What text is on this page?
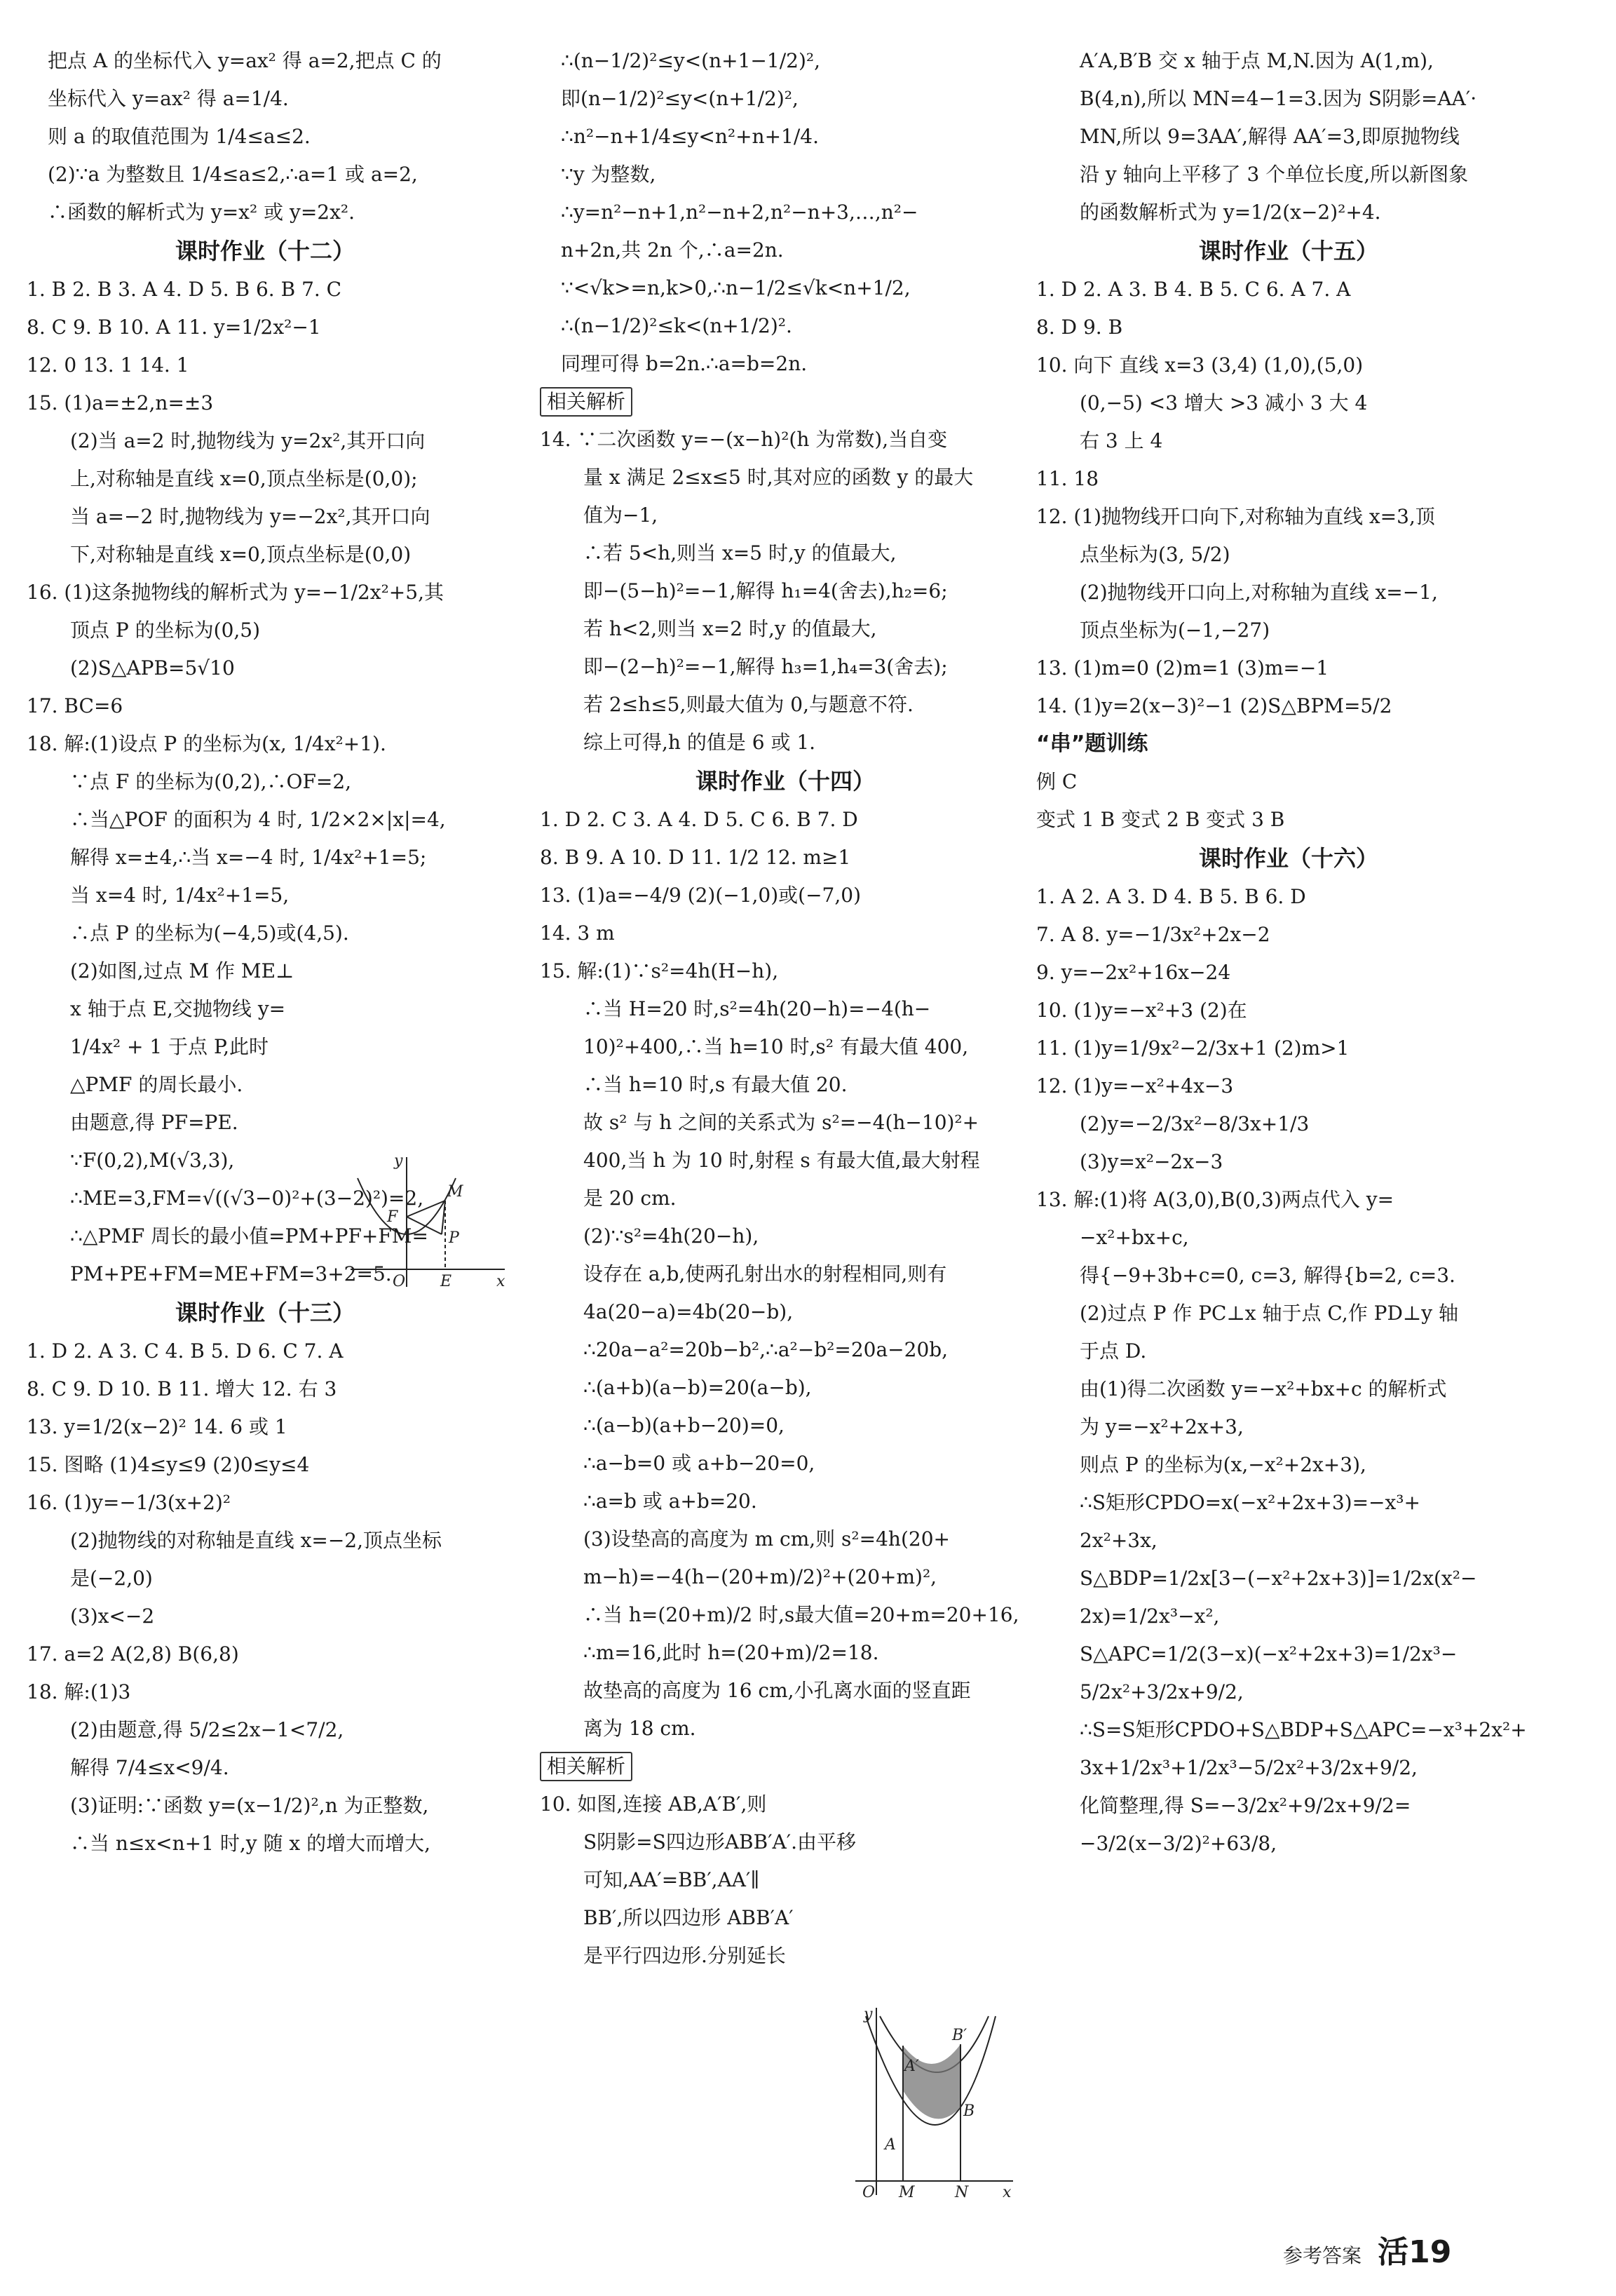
把点 A 的坐标代入 y=ax² 得 a=2,把点 C 的
坐标代入 y=ax² 得 a=1/4.
则 a 的取值范围为 1/4≤a≤2.
(2)∵a 为整数且 1/4≤a≤2,∴a=1 或 a=2,
∴函数的解析式为 y=x² 或 y=2x².
课时作业（十二）
1. B 2. B 3. A 4. D 5. B 6. B 7. C
8. C 9. B 10. A 11. y=1/2x²−1
12. 0 13. 1 14. 1
15. (1)a=±2,n=±3
(2)当 a=2 时,抛物线为 y=2x²,其开口向
上,对称轴是直线 x=0,顶点坐标是(0,0);
当 a=−2 时,抛物线为 y=−2x²,其开口向
下,对称轴是直线 x=0,顶点坐标是(0,0)
16. (1)这条抛物线的解析式为 y=−1/2x²+5,其
顶点 P 的坐标为(0,5)
(2)S△APB=5√10
17. BC=6
18. 解:(1)设点 P 的坐标为(x, 1/4x²+1).
∵点 F 的坐标为(0,2),∴OF=2,
∴当△POF 的面积为 4 时, 1/2×2×|x|=4,
解得 x=±4,∴当 x=−4 时, 1/4x²+1=5;
当 x=4 时, 1/4x²+1=5,
∴点 P 的坐标为(−4,5)或(4,5).
(2)如图,过点 M 作 ME⊥
x 轴于点 E,交抛物线 y=
1/4x² + 1 于点 P,此时
△PMF 的周长最小.
由题意,得 PF=PE.
∵F(0,2),M(√3,3),
∴ME=3,FM=√((√3−0)²+(3−2)²)=2,
∴△PMF 周长的最小值=PM+PF+FM=
PM+PE+FM=ME+FM=3+2=5.
课时作业（十三）
1. D 2. A 3. C 4. B 5. D 6. C 7. A
8. C 9. D 10. B 11. 增大 12. 右 3
13. y=1/2(x−2)² 14. 6 或 1
15. 图略 (1)4≤y≤9 (2)0≤y≤4
16. (1)y=−1/3(x+2)²
(2)抛物线的对称轴是直线 x=−2,顶点坐标
是(−2,0)
(3)x<−2
17. a=2 A(2,8) B(6,8)
18. 解:(1)3
(2)由题意,得 5/2≤2x−1<7/2,
解得 7/4≤x<9/4.
(3)证明:∵函数 y=(x−1/2)²,n 为正整数,
∴当 n≤x<n+1 时,y 随 x 的增大而增大,
y
M
F
P
O E	x
∴(n−1/2)²≤y<(n+1−1/2)²,
即(n−1/2)²≤y<(n+1/2)²,
∴n²−n+1/4≤y<n²+n+1/4.
∵y 为整数,
∴y=n²−n+1,n²−n+2,n²−n+3,…,n²−
n+2n,共 2n 个,∴a=2n.
∵<√k>=n,k>0,∴n−1/2≤√k<n+1/2,
∴(n−1/2)²≤k<(n+1/2)².
同理可得 b=2n.∴a=b=2n.
相关解析
14. ∵二次函数 y=−(x−h)²(h 为常数),当自变
量 x 满足 2≤x≤5 时,其对应的函数 y 的最大
值为−1,
∴若 5<h,则当 x=5 时,y 的值最大,
即−(5−h)²=−1,解得 h₁=4(舍去),h₂=6;
若 h<2,则当 x=2 时,y 的值最大,
即−(2−h)²=−1,解得 h₃=1,h₄=3(舍去);
若 2≤h≤5,则最大值为 0,与题意不符.
综上可得,h 的值是 6 或 1.
课时作业（十四）
1. D 2. C 3. A 4. D 5. C 6. B 7. D
8. B 9. A 10. D 11. 1/2 12. m≥1
13. (1)a=−4/9 (2)(−1,0)或(−7,0)
14. 3 m
15. 解:(1)∵s²=4h(H−h),
∴当 H=20 时,s²=4h(20−h)=−4(h−
10)²+400,∴当 h=10 时,s² 有最大值 400,
∴当 h=10 时,s 有最大值 20.
故 s² 与 h 之间的关系式为 s²=−4(h−10)²+
400,当 h 为 10 时,射程 s 有最大值,最大射程
是 20 cm.
(2)∵s²=4h(20−h),
设存在 a,b,使两孔射出水的射程相同,则有
4a(20−a)=4b(20−b),
∴20a−a²=20b−b²,∴a²−b²=20a−20b,
∴(a+b)(a−b)=20(a−b),
∴(a−b)(a+b−20)=0,
∴a−b=0 或 a+b−20=0,
∴a=b 或 a+b=20.
(3)设垫高的高度为 m cm,则 s²=4h(20+
m−h)=−4(h−(20+m)/2)²+(20+m)²,
∴当 h=(20+m)/2 时,s最大值=20+m=20+16,
∴m=16,此时 h=(20+m)/2=18.
故垫高的高度为 16 cm,小孔离水面的竖直距
离为 18 cm.
相关解析
10. 如图,连接 AB,A′B′,则
S阴影=S四边形ABB′A′.由平移
可知,AA′=BB′,AA′∥
BB′,所以四边形 ABB′A′
是平行四边形.分别延长
y
A′
B′
B
A
O M	N x
A′A,B′B 交 x 轴于点 M,N.因为 A(1,m),
B(4,n),所以 MN=4−1=3.因为 S阴影=AA′·
MN,所以 9=3AA′,解得 AA′=3,即原抛物线
沿 y 轴向上平移了 3 个单位长度,所以新图象
的函数解析式为 y=1/2(x−2)²+4.
课时作业（十五）
1. D 2. A 3. B 4. B 5. C 6. A 7. A
8. D 9. B
10. 向下 直线 x=3 (3,4) (1,0),(5,0)
(0,−5) <3 增大 >3 减小 3 大 4
右 3 上 4
11. 18
12. (1)抛物线开口向下,对称轴为直线 x=3,顶
点坐标为(3, 5/2)
(2)抛物线开口向上,对称轴为直线 x=−1,
顶点坐标为(−1,−27)
13. (1)m=0 (2)m=1 (3)m=−1
14. (1)y=2(x−3)²−1 (2)S△BPM=5/2
“串”题训练
例 C
变式 1 B 变式 2 B 变式 3 B
课时作业（十六）
1. A 2. A 3. D 4. B 5. B 6. D
7. A 8. y=−1/3x²+2x−2
9. y=−2x²+16x−24
10. (1)y=−x²+3 (2)在
11. (1)y=1/9x²−2/3x+1 (2)m>1
12. (1)y=−x²+4x−3
(2)y=−2/3x²−8/3x+1/3
(3)y=x²−2x−3
13. 解:(1)将 A(3,0),B(0,3)两点代入 y=
−x²+bx+c,
得{−9+3b+c=0, c=3, 解得{b=2, c=3.
(2)过点 P 作 PC⊥x 轴于点 C,作 PD⊥y 轴
于点 D.
由(1)得二次函数 y=−x²+bx+c 的解析式
为 y=−x²+2x+3,
则点 P 的坐标为(x,−x²+2x+3),
∴S矩形CPDO=x(−x²+2x+3)=−x³+
2x²+3x,
S△BDP=1/2x[3−(−x²+2x+3)]=1/2x(x²−
2x)=1/2x³−x²,
S△APC=1/2(3−x)(−x²+2x+3)=1/2x³−
5/2x²+3/2x+9/2,
∴S=S矩形CPDO+S△BDP+S△APC=−x³+2x²+
3x+1/2x³+1/2x³−5/2x²+3/2x+9/2,
化简整理,得 S=−3/2x²+9/2x+9/2=
−3/2(x−3/2)²+63/8,
参考答案 活19
